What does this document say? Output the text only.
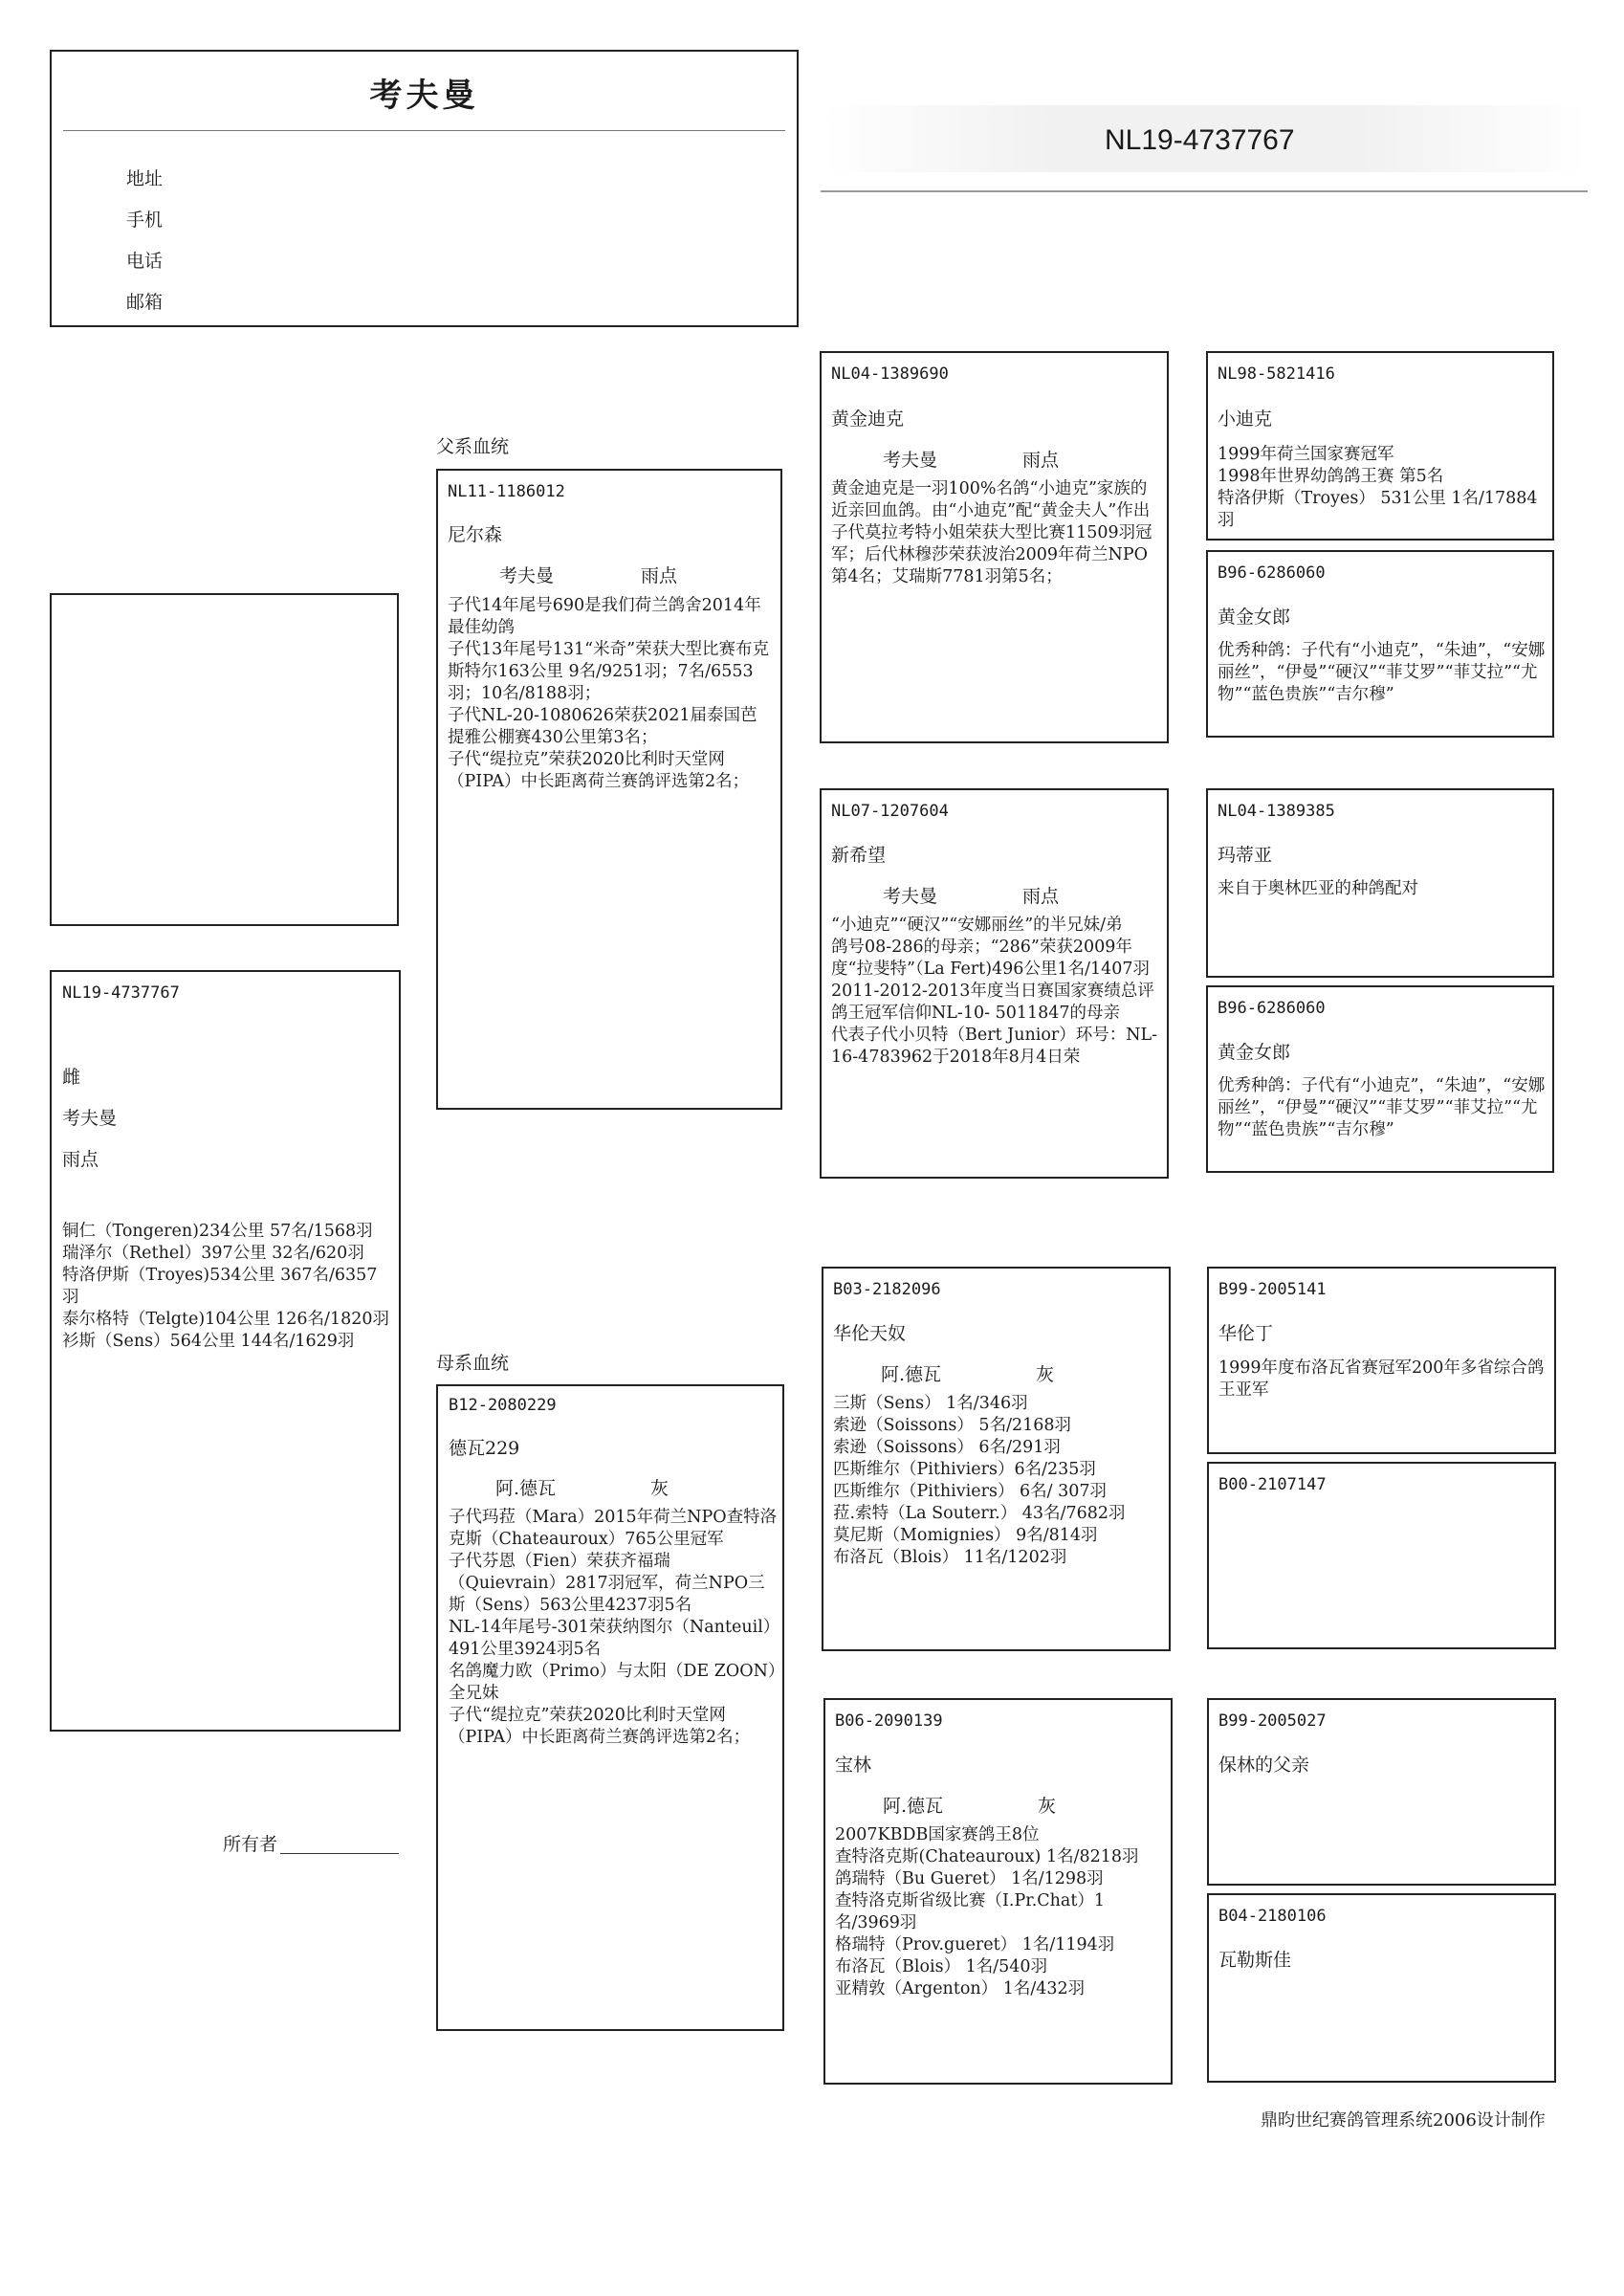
考夫曼
地址
手机
电话
邮箱
NL19-4737767
NL19-4737767
雌
考夫曼
雨点
铜仁（Tongeren)234公里 57名/1568羽
瑞泽尔（Rethel）397公里 32名/620羽
特洛伊斯（Troyes)534公里 367名/6357羽
泰尔格特（Telgte)104公里 126名/1820羽
衫斯（Sens）564公里 144名/1629羽
所有者
父系血统
母系血统
NL11-1186012
尼尔森
考夫曼	雨点
子代14年尾号690是我们荷兰鸽舍2014年最佳幼鸽
子代13年尾号131“米奇”荣获大型比赛布克斯特尔163公里 9名/9251羽；7名/6553羽；10名/8188羽；
子代NL-20-1080626荣获2021届泰国芭提雅公棚赛430公里第3名；
子代“缇拉克”荣获2020比利时天堂网（PIPA）中长距离荷兰赛鸽评选第2名；
B12-2080229
德瓦229
阿.德瓦	灰
子代玛菈（Mara）2015年荷兰NPO查特洛克斯（Chateauroux）765公里冠军
子代芬恩（Fien）荣获齐福瑞（Quievrain）2817羽冠军，荷兰NPO三斯（Sens）563公里4237羽5名
NL-14年尾号-301荣获纳图尔（Nanteuil）491公里3924羽5名
名鸽魔力欧（Primo）与太阳（DE ZOON）全兄妹
子代“缇拉克”荣获2020比利时天堂网（PIPA）中长距离荷兰赛鸽评选第2名；
NL04-1389690
黄金迪克
考夫曼	雨点
黄金迪克是一羽100%名鸽“小迪克”家族的近亲回血鸽。由“小迪克”配“黄金夫人”作出
子代莫拉考特小姐荣获大型比赛11509羽冠军；后代林穆莎荣获波治2009年荷兰NPO第4名；艾瑞斯7781羽第5名；
NL07-1207604
新希望
考夫曼	雨点
“小迪克”“硬汉”“安娜丽丝”的半兄妹/弟
鸽号08-286的母亲；“286”荣获2009年度“拉斐特”（La Fert)496公里1名/1407羽
2011-2012-2013年度当日赛国家赛绩总评鸽王冠军信仰NL-10- 5011847的母亲
代表子代小贝特（Bert Junior）环号：NL-16-4783962于2018年8月4日荣
B03-2182096
华伦天奴
阿.德瓦	灰
三斯（Sens） 1名/346羽
索逊（Soissons） 5名/2168羽
索逊（Soissons） 6名/291羽
匹斯维尔（Pithiviers）6名/235羽
匹斯维尔（Pithiviers） 6名/ 307羽
菈.索特（La Souterr.） 43名/7682羽
莫尼斯（Momignies） 9名/814羽
布洛瓦（Blois） 11名/1202羽
B06-2090139
宝林
阿.德瓦	灰
2007KBDB国家赛鸽王8位
查特洛克斯(Chateauroux) 1名/8218羽
鸽瑞特（Bu Gueret） 1名/1298羽
查特洛克斯省级比赛（I.Pr.Chat）1名/3969羽
格瑞特（Prov.gueret） 1名/1194羽
布洛瓦（Blois） 1名/540羽
亚精敦（Argenton） 1名/432羽
NL98-5821416
小迪克
1999年荷兰国家赛冠军
1998年世界幼鸽鸽王赛 第5名
特洛伊斯（Troyes） 531公里 1名/17884羽
B96-6286060
黄金女郎
优秀种鸽：子代有“小迪克”，“朱迪”，“安娜丽丝”，“伊曼”“硬汉”“菲艾罗”“菲艾拉”“尤物”“蓝色贵族”“吉尔穆”
NL04-1389385
玛蒂亚
来自于奥林匹亚的种鸽配对
B96-6286060
黄金女郎
优秀种鸽：子代有“小迪克”，“朱迪”，“安娜丽丝”，“伊曼”“硬汉”“菲艾罗”“菲艾拉”“尤物”“蓝色贵族”“吉尔穆”
B99-2005141
华伦丁
1999年度布洛瓦省赛冠军200年多省综合鸽王亚军
B00-2107147
B99-2005027
保林的父亲
B04-2180106
瓦勒斯佳
鼎昀世纪赛鸽管理系统2006设计制作
